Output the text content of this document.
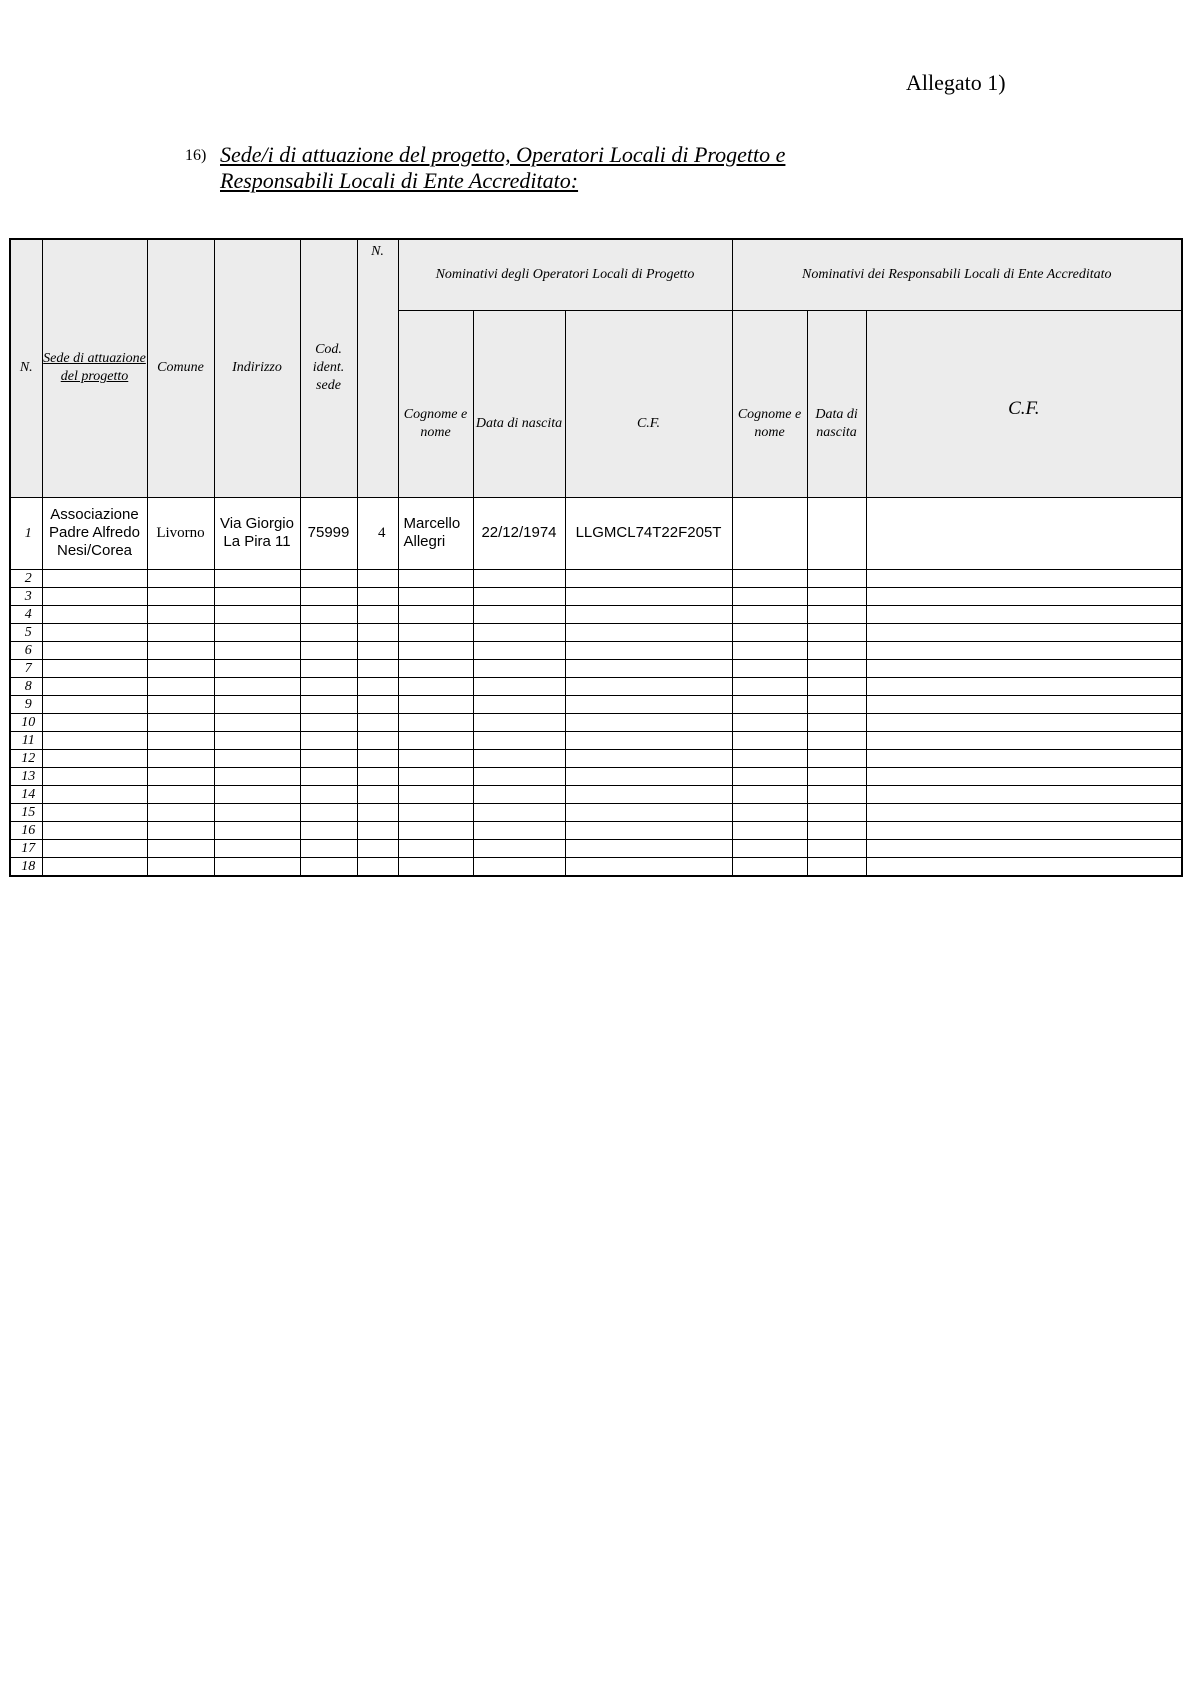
Allegato 1)
16) Sede/i di attuazione del progetto, Operatori Locali di Progetto e
Responsabili Locali di Ente Accreditato:
N.	Sede di attuazione del progetto	Comune	Indirizzo	Cod. ident. sede	N.	Nominativi degli Operatori Locali di Progetto			Nominativi dei Responsabili Locali di Ente Accreditato		
						Cognome e nome	Data di nascita	C.F.	Cognome e nome	Data di nascita	C.F.
1	Associazione Padre Alfredo Nesi/Corea	Livorno	Via Giorgio La Pira 11	75999	4	Marcello Allegri	22/12/1974	LLGMCL74T22F205T			
2											
3											
4											
5											
6											
7											
8											
9											
10											
11											
12											
13											
14											
15											
16											
17											
18											
